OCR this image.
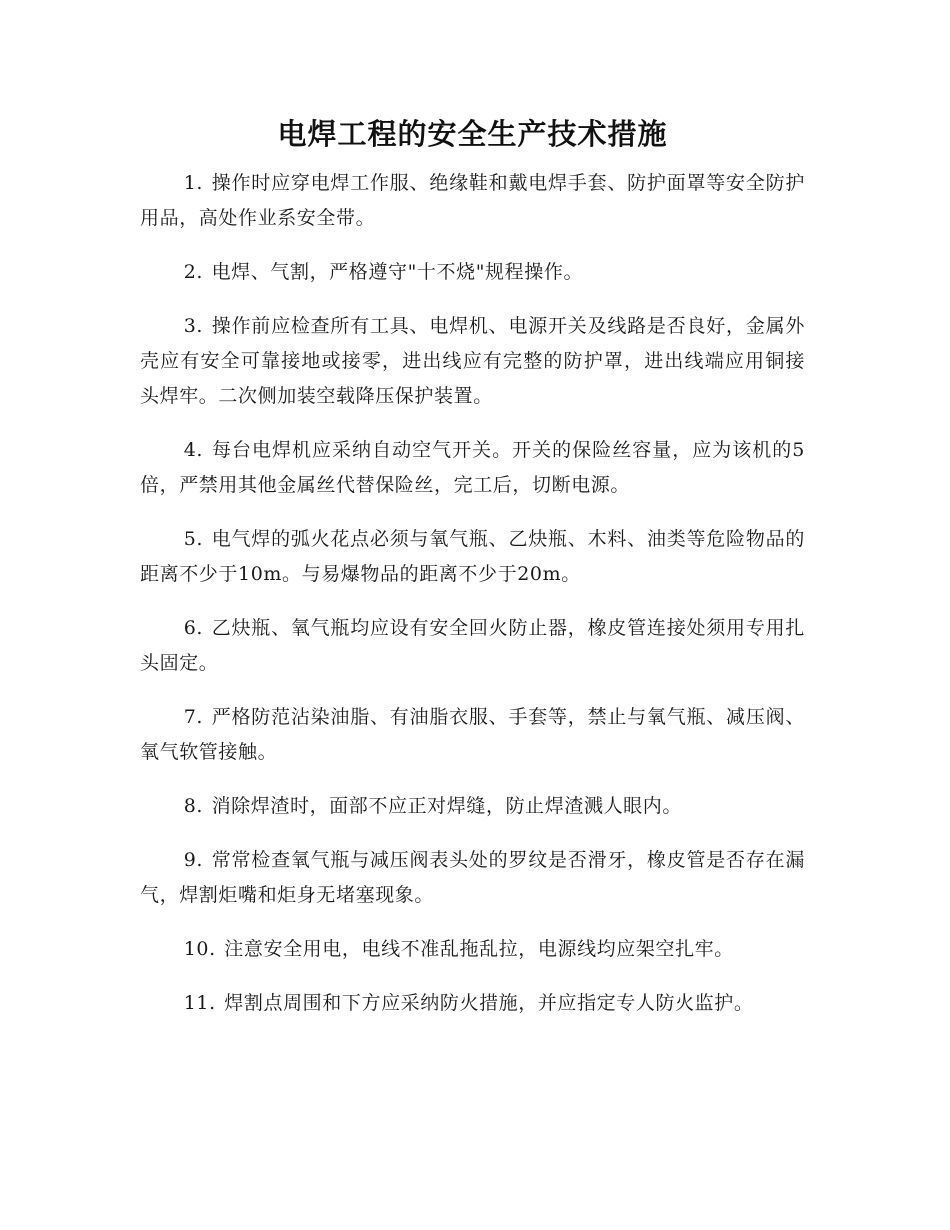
电焊工程的安全生产技术措施
1. 操作时应穿电焊工作服、绝缘鞋和戴电焊手套、防护面罩等安全防护用品，高处作业系安全带。
2. 电焊、气割，严格遵守"十不烧"规程操作。
3. 操作前应检查所有工具、电焊机、电源开关及线路是否良好，金属外壳应有安全可靠接地或接零，进出线应有完整的防护罩，进出线端应用铜接头焊牢。二次侧加装空载降压保护装置。
4. 每台电焊机应采纳自动空气开关。开关的保险丝容量，应为该机的5倍，严禁用其他金属丝代替保险丝，完工后，切断电源。
5. 电气焊的弧火花点必须与氧气瓶、乙炔瓶、木料、油类等危险物品的距离不少于10m。与易爆物品的距离不少于20m。
6. 乙炔瓶、氧气瓶均应设有安全回火防止器，橡皮管连接处须用专用扎头固定。
7. 严格防范沾染油脂、有油脂衣服、手套等，禁止与氧气瓶、减压阀、氧气软管接触。
8. 消除焊渣时，面部不应正对焊缝，防止焊渣溅人眼内。
9. 常常检查氧气瓶与减压阀表头处的罗纹是否滑牙，橡皮管是否存在漏气，焊割炬嘴和炬身无堵塞现象。
10. 注意安全用电，电线不准乱拖乱拉，电源线均应架空扎牢。
11. 焊割点周围和下方应采纳防火措施，并应指定专人防火监护。
